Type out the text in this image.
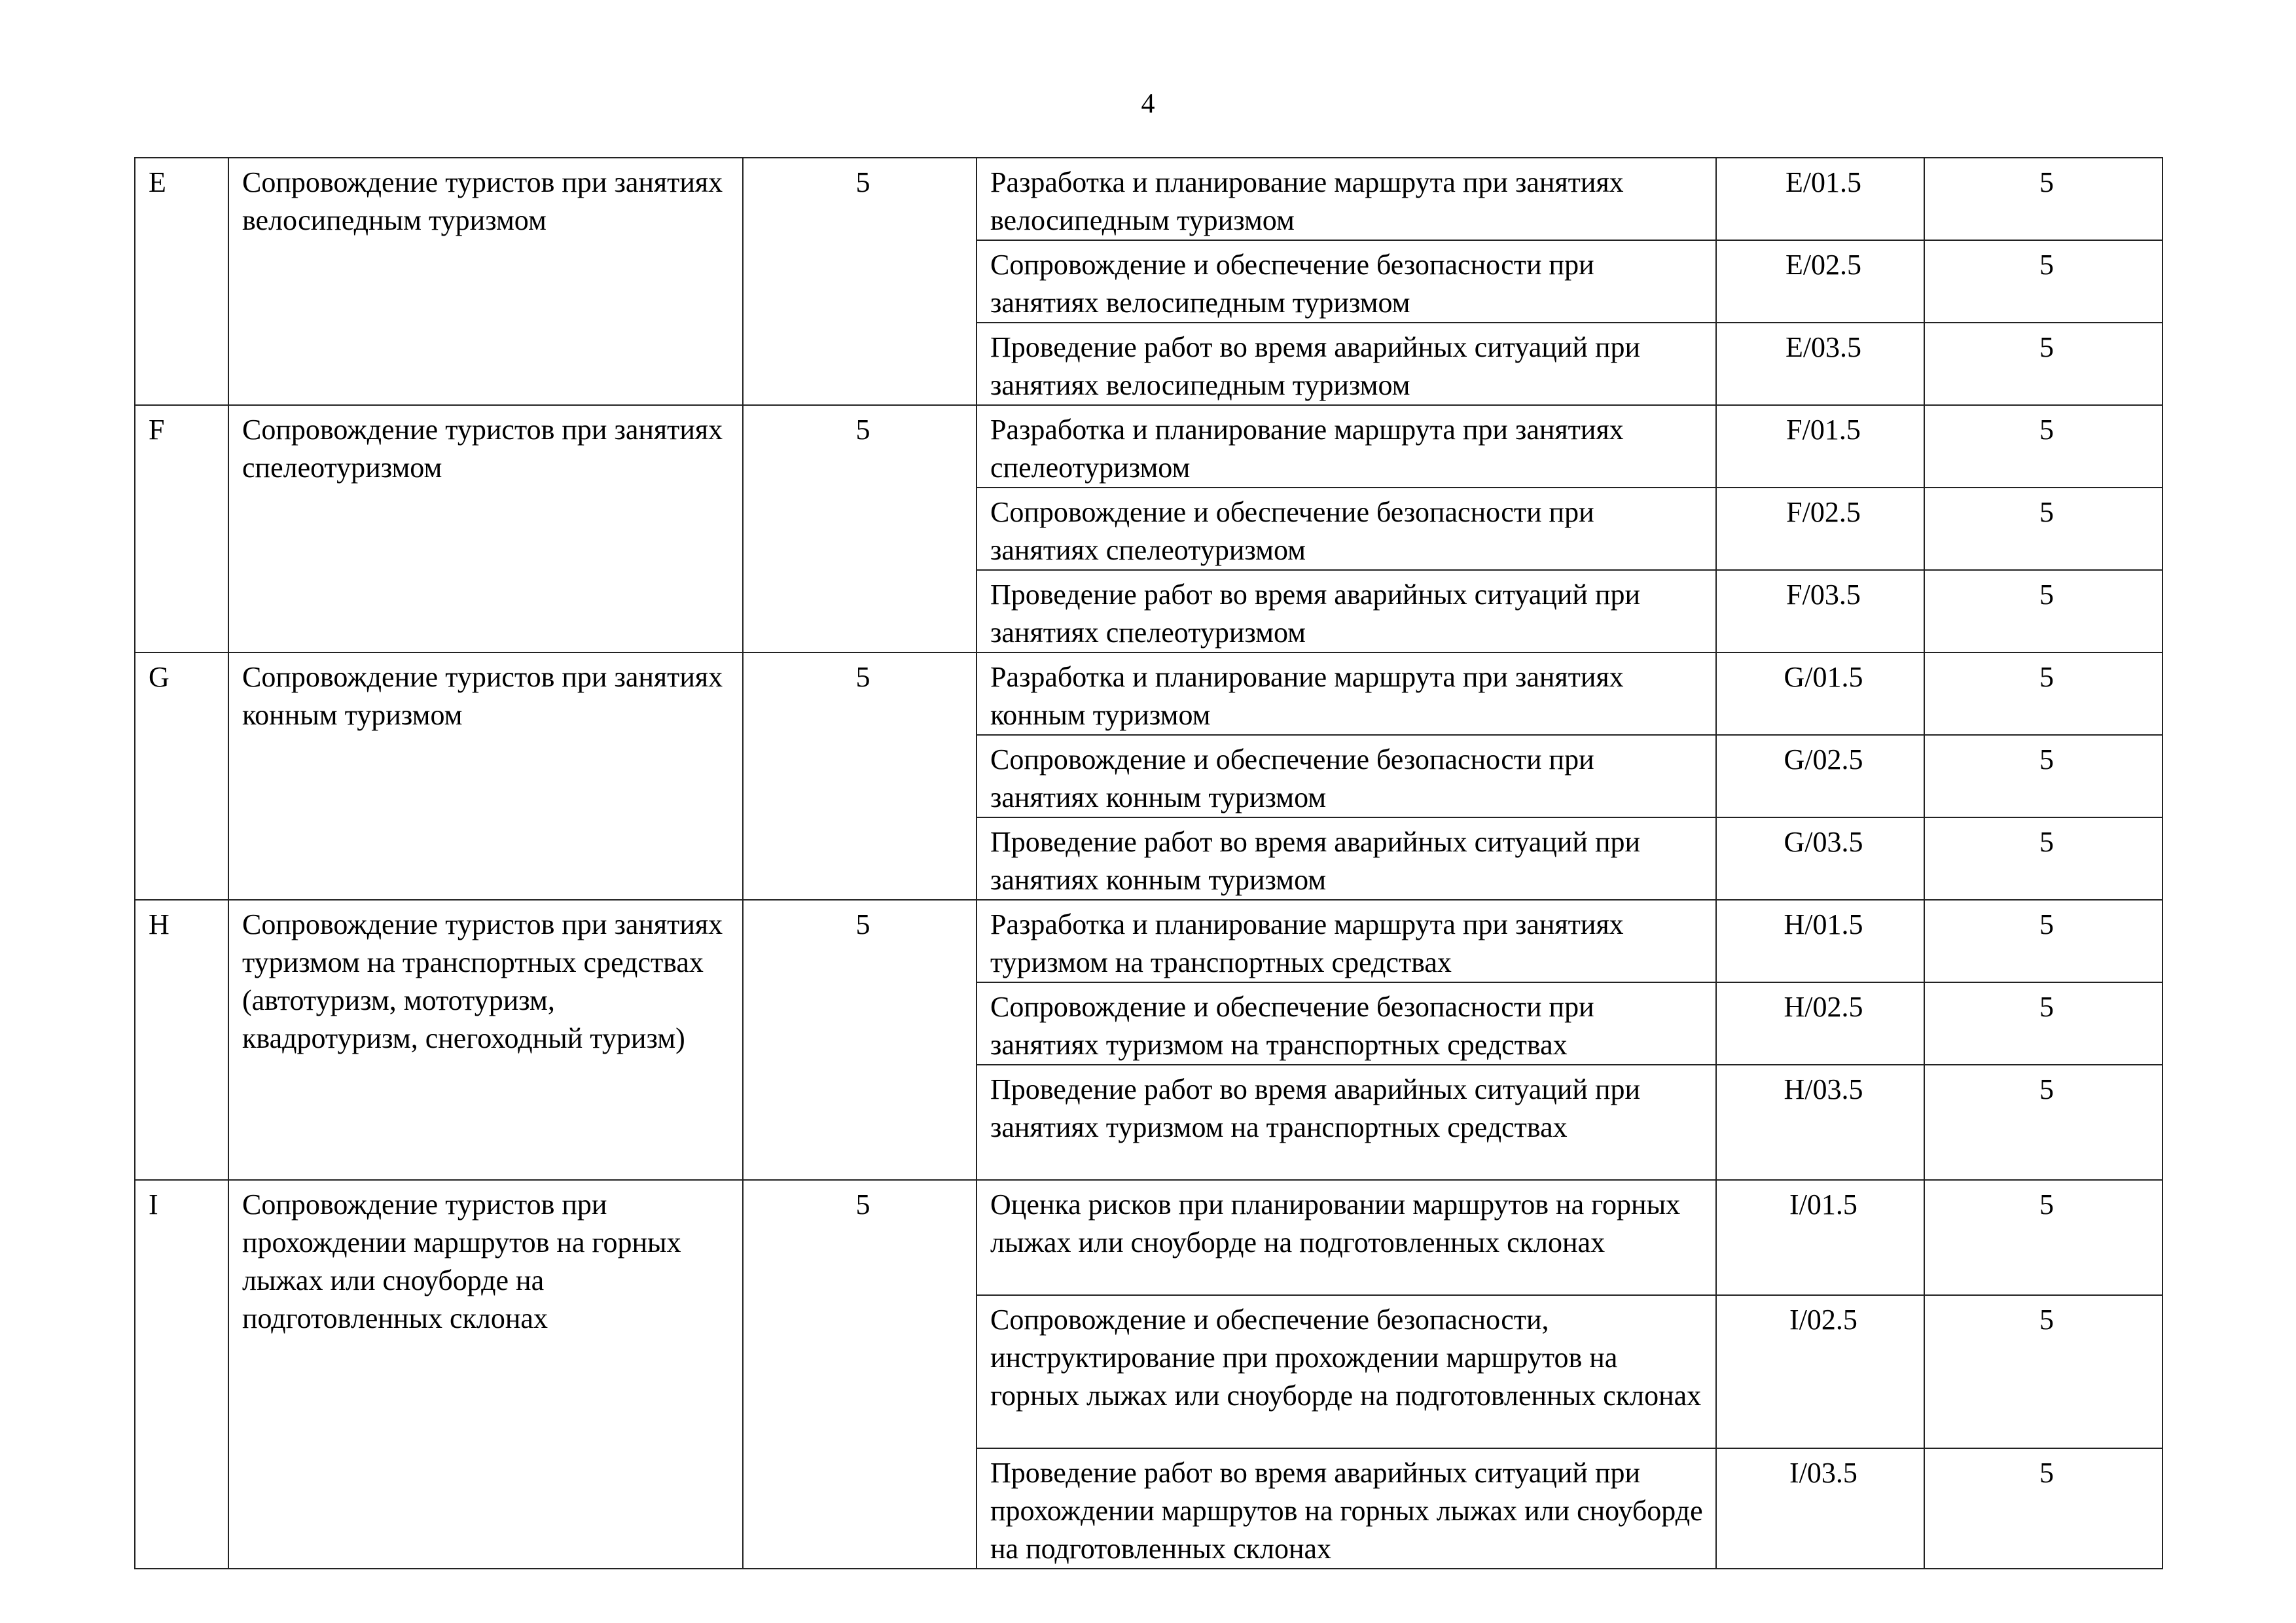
4
E	Сопровождение туристов при занятиях велосипедным туризмом	5	Разработка и планирование маршрута при занятиях велосипедным туризмом	E/01.5	5
			Сопровождение и обеспечение безопасности при занятиях велосипедным туризмом	E/02.5	5
			Проведение работ во время аварийных ситуаций при занятиях велосипедным туризмом	E/03.5	5
F	Сопровождение туристов при занятиях спелеотуризмом	5	Разработка и планирование маршрута при занятиях спелеотуризмом	F/01.5	5
			Сопровождение и обеспечение безопасности при занятиях спелеотуризмом	F/02.5	5
			Проведение работ во время аварийных ситуаций при занятиях спелеотуризмом	F/03.5	5
G	Сопровождение туристов при занятиях конным туризмом	5	Разработка и планирование маршрута при занятиях конным туризмом	G/01.5	5
			Сопровождение и обеспечение безопасности при занятиях конным туризмом	G/02.5	5
			Проведение работ во время аварийных ситуаций при занятиях конным туризмом	G/03.5	5
H	Сопровождение туристов при занятиях туризмом на транспортных средствах (автотуризм, мототуризм, квадротуризм, снегоходный туризм)	5	Разработка и планирование маршрута при занятиях туризмом на транспортных средствах	H/01.5	5
			Сопровождение и обеспечение безопасности при занятиях туризмом на транспортных средствах	H/02.5	5
			Проведение работ во время аварийных ситуаций при занятиях туризмом на транспортных средствах	H/03.5	5
I	Сопровождение туристов при прохождении маршрутов на горных лыжах или сноуборде на подготовленных склонах	5	Оценка рисков при планировании маршрутов на горных лыжах или сноуборде на подготовленных склонах	I/01.5	5
			Сопровождение и обеспечение безопасности, инструктирование при прохождении маршрутов на горных лыжах или сноуборде на подготовленных склонах	I/02.5	5
			Проведение работ во время аварийных ситуаций при прохождении маршрутов на горных лыжах или сноуборде на подготовленных склонах	I/03.5	5
